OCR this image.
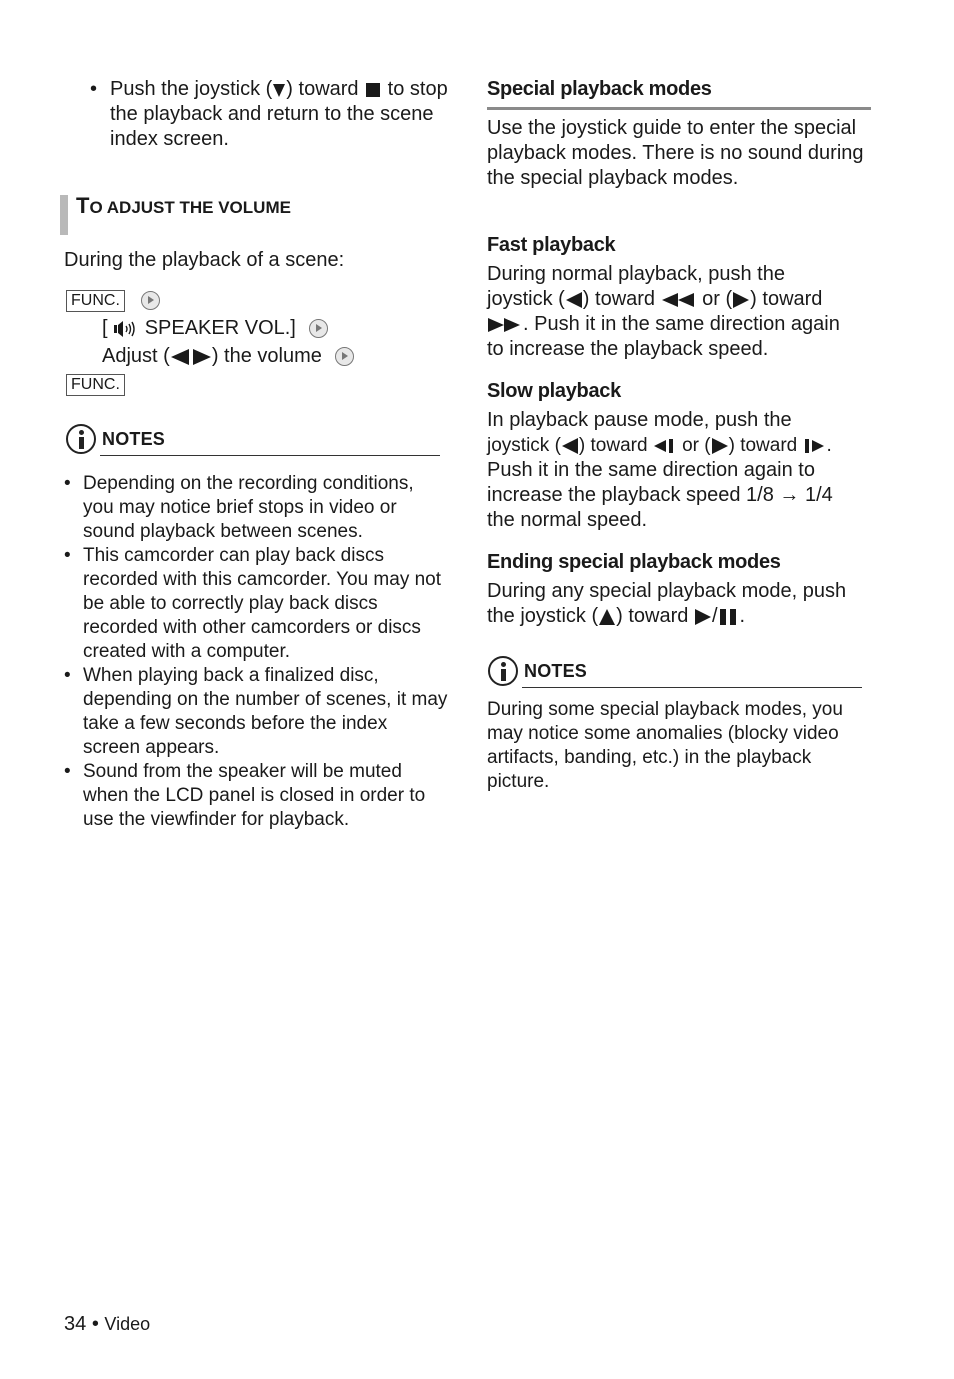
• Push the joystick ( ) toward to stop the playback and return to the scene index screen.
TO ADJUST THE VOLUME
During the playback of a scene:
FUNC.
[ SPEAKER VOL.]
Adjust ( ) the volume
FUNC.
NOTES
• Depending on the recording conditions, you may notice brief stops in video or sound playback between scenes.
• This camcorder can play back discs recorded with this camcorder. You may not be able to correctly play back discs recorded with other camcorders or discs created with a computer.
• When playing back a finalized disc, depending on the number of scenes, it may take a few seconds before the index screen appears.
• Sound from the speaker will be muted when the LCD panel is closed in order to use the viewfinder for playback.
Special playback modes
Use the joystick guide to enter the special playback modes. There is no sound during the special playback modes.
Fast playback
During normal playback, push the
joystick ( ) toward or ( ) toward
. Push it in the same direction again
to increase the playback speed.
Slow playback
In playback pause mode, push the
joystick ( ) toward or ( ) toward .
Push it in the same direction again to
increase the playback speed 1/8 → 1/4
the normal speed.
Ending special playback modes
During any special playback mode, push
the joystick ( ) toward / .
NOTES
During some special playback modes, you may notice some anomalies (blocky video artifacts, banding, etc.) in the playback picture.
34 • Video
